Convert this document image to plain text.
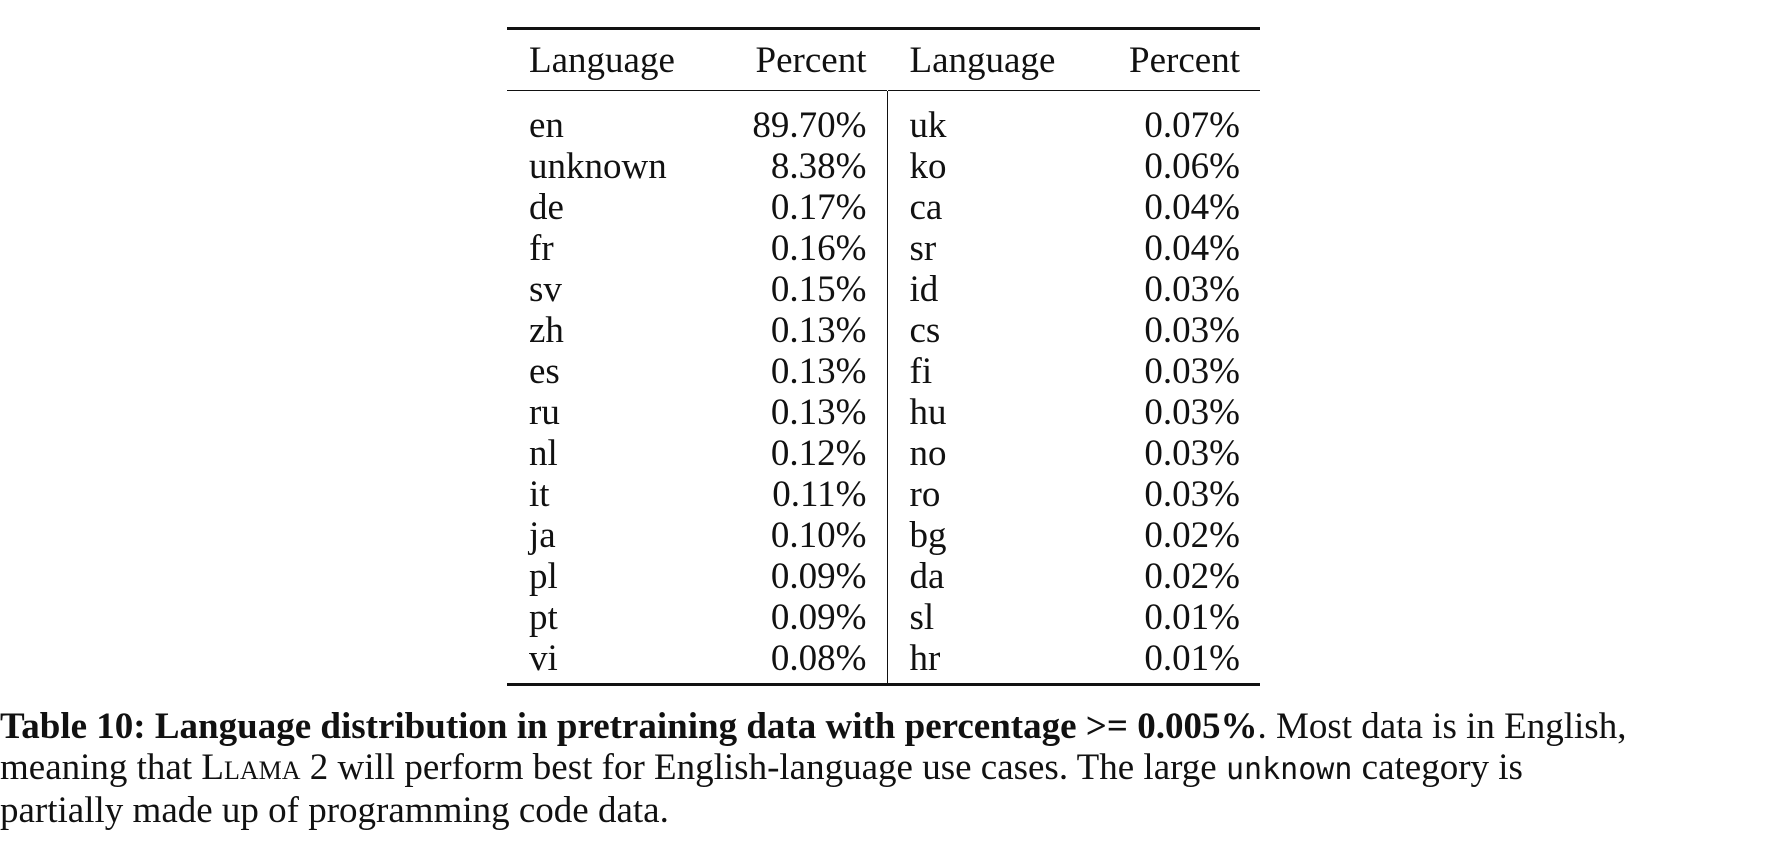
Language	Percent	Language	Percent
en	89.70%	uk	0.07%
unknown	8.38%	ko	0.06%
de	0.17%	ca	0.04%
fr	0.16%	sr	0.04%
sv	0.15%	id	0.03%
zh	0.13%	cs	0.03%
es	0.13%	fi	0.03%
ru	0.13%	hu	0.03%
nl	0.12%	no	0.03%
it	0.11%	ro	0.03%
ja	0.10%	bg	0.02%
pl	0.09%	da	0.02%
pt	0.09%	sl	0.01%
vi	0.08%	hr	0.01%
Table 10: Language distribution in pretraining data with percentage >= 0.005%. Most data is in English,
meaning that Llama 2 will perform best for English-language use cases. The large unknown category is
partially made up of programming code data.
